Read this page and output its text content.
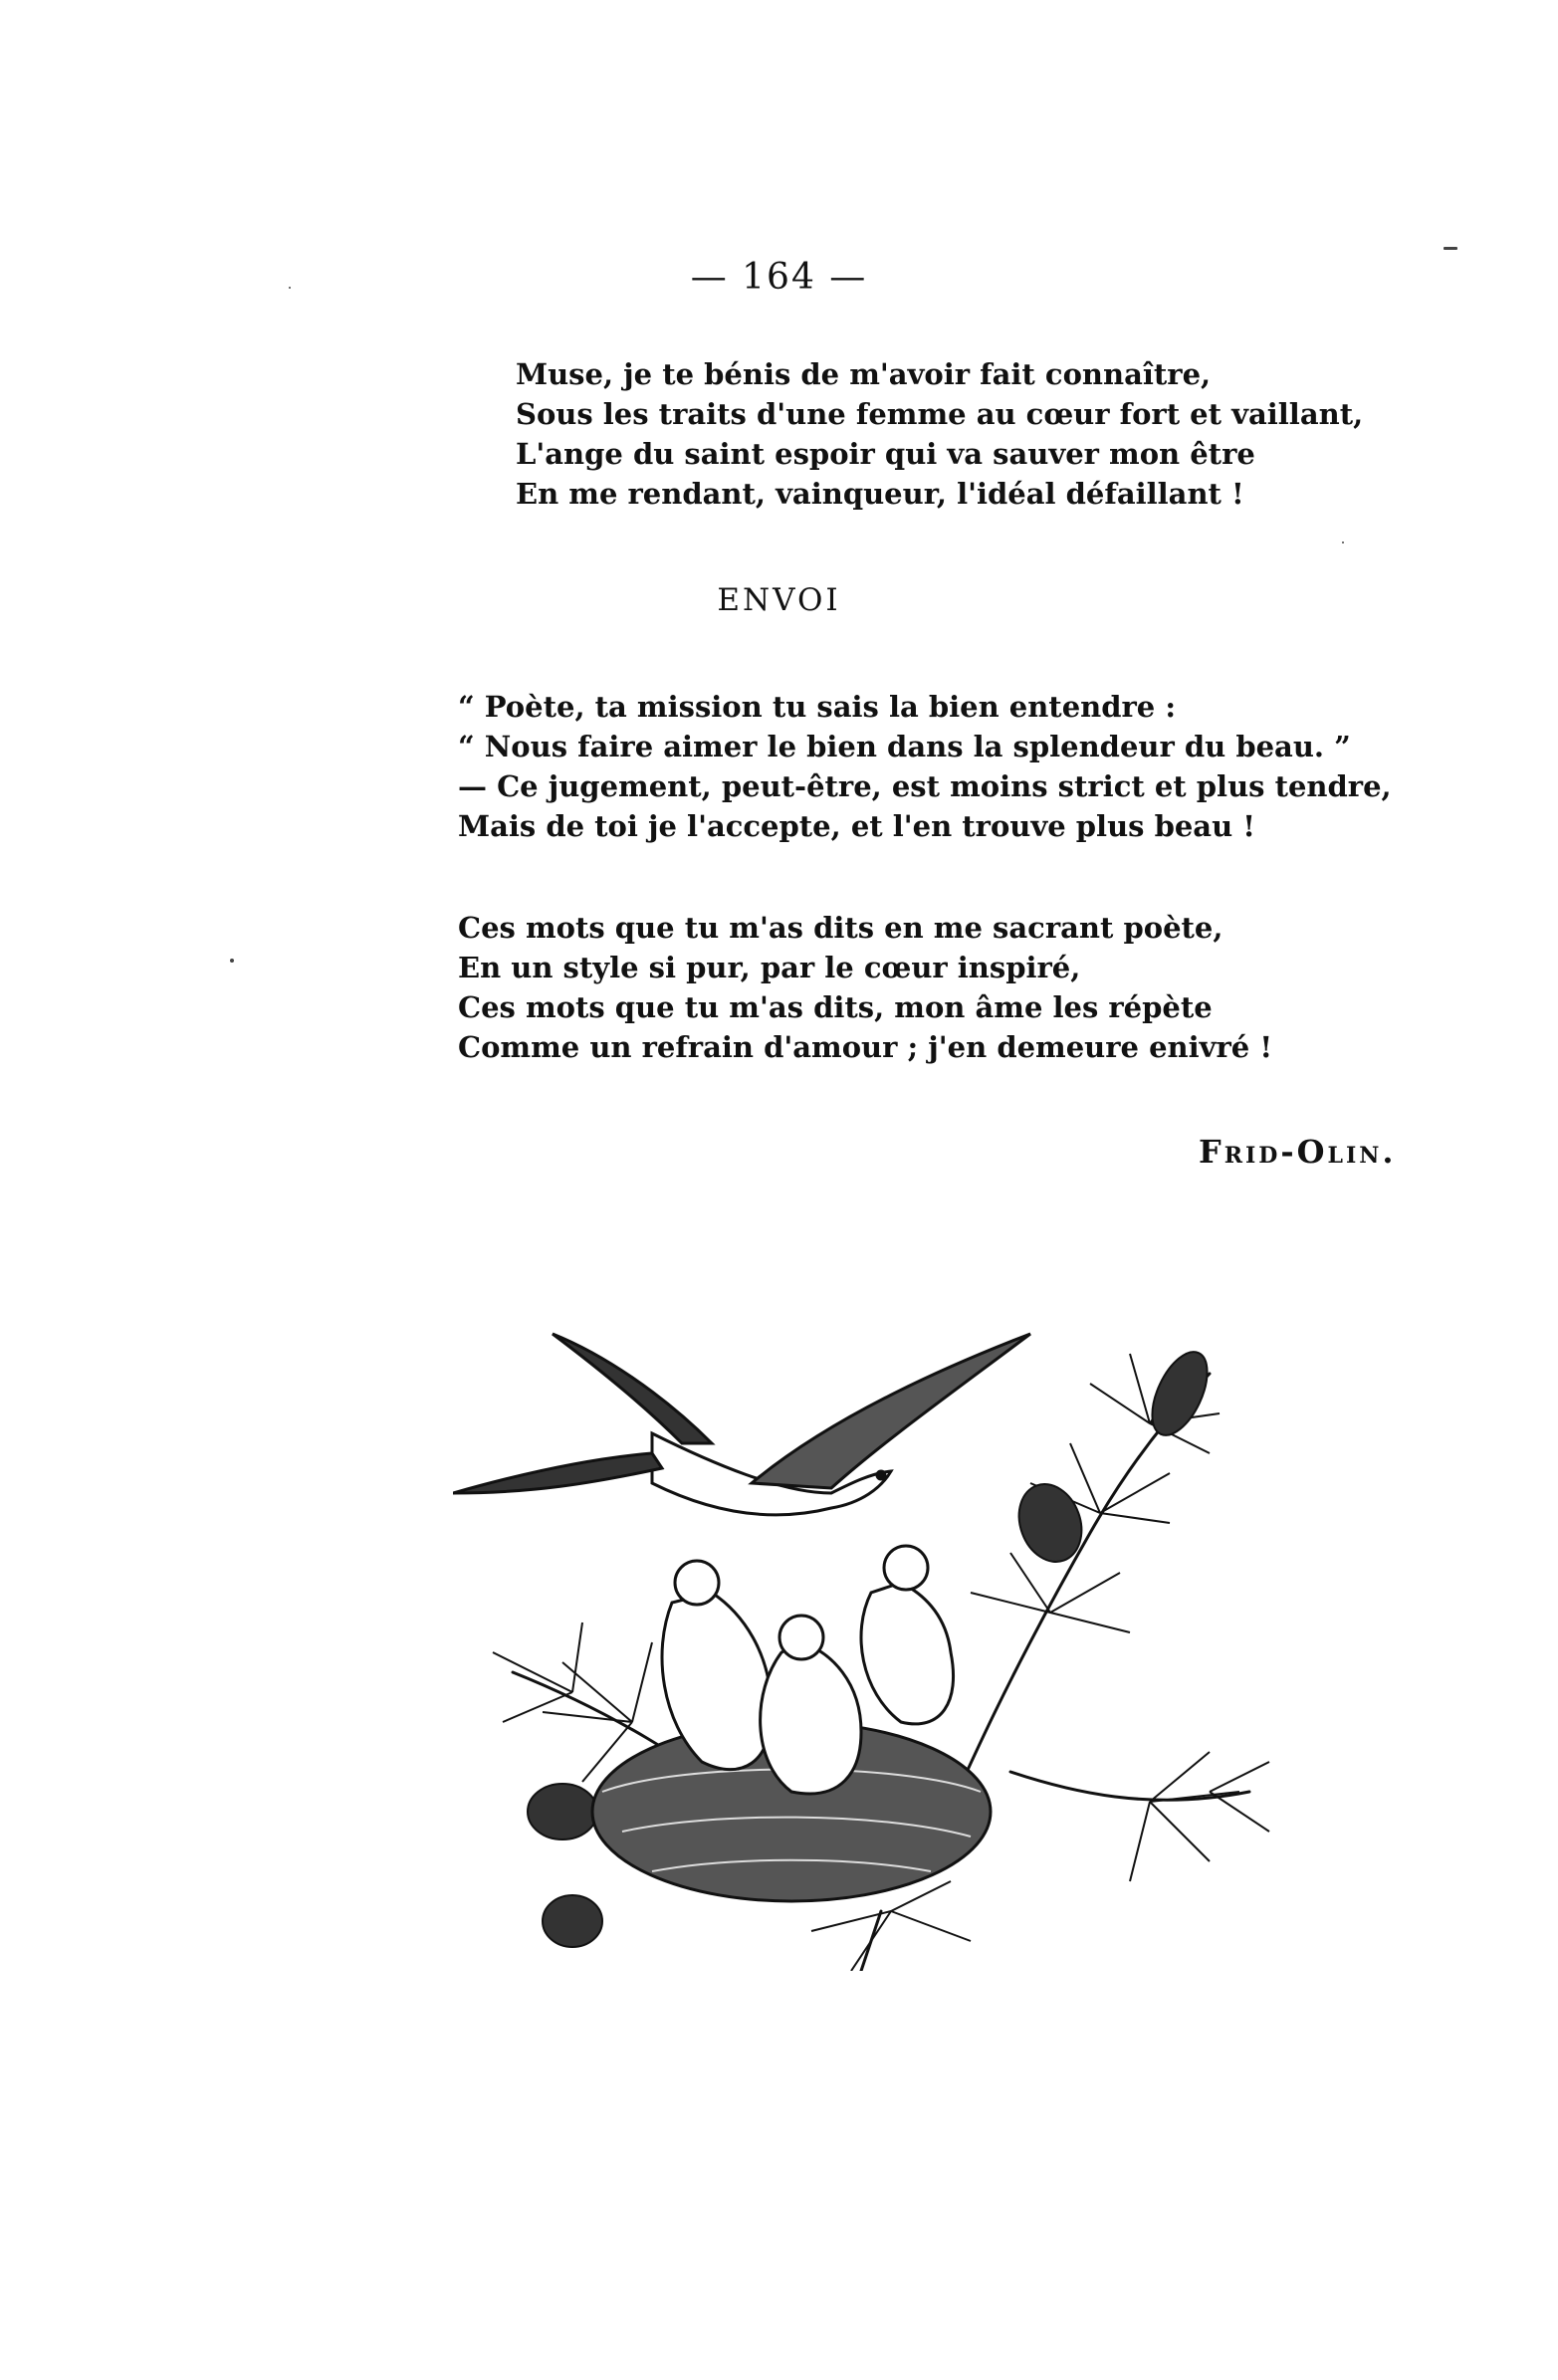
— 164 —
Muse, je te bénis de m'avoir fait connaître,
Sous les traits d'une femme au cœur fort et vaillant,
L'ange du saint espoir qui va sauver mon être
En me rendant, vainqueur, l'idéal défaillant !
ENVOI
“ Poète, ta mission tu sais la bien entendre :
“ Nous faire aimer le bien dans la splendeur du beau. ”
— Ce jugement, peut-être, est moins strict et plus tendre,
Mais de toi je l'accepte, et l'en trouve plus beau !
Ces mots que tu m'as dits en me sacrant poète,
En un style si pur, par le cœur inspiré,
Ces mots que tu m'as dits, mon âme les répète
Comme un refrain d'amour ; j'en demeure enivré !
Frid-Olin.
